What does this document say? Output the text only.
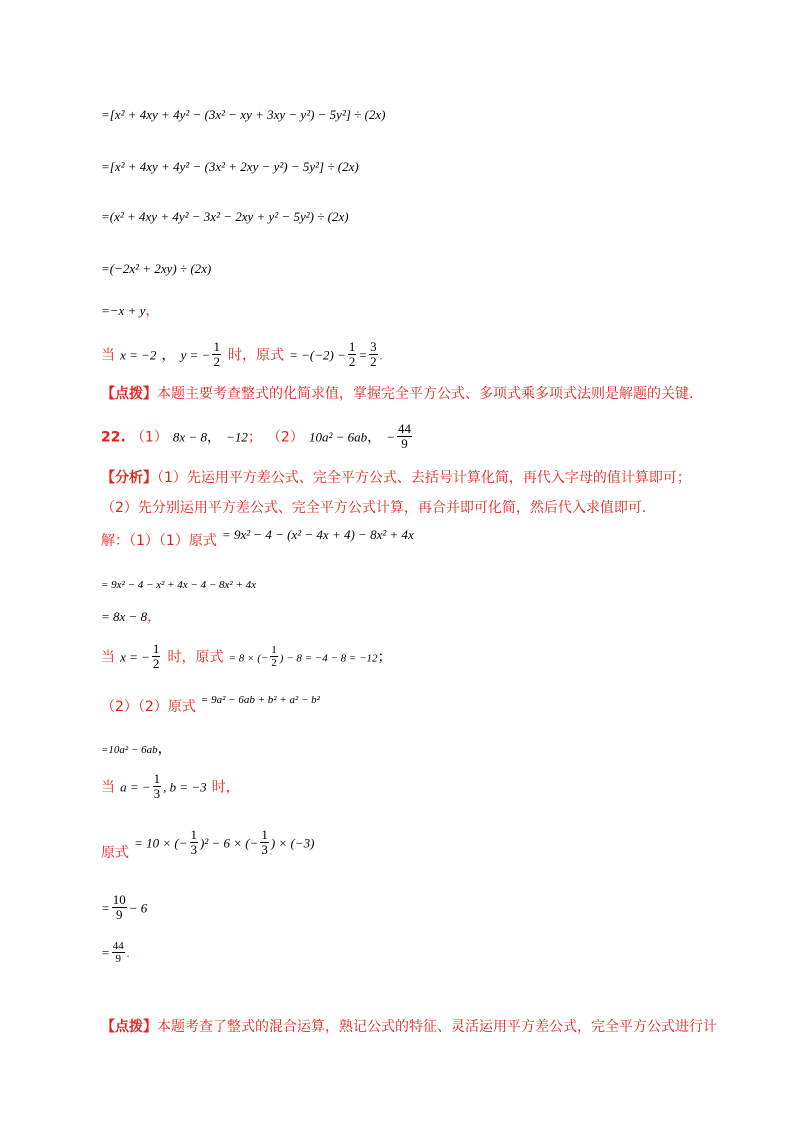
=[x² + 4xy + 4y² − (3x² − xy + 3xy − y²) − 5y²] ÷ (2x)
=[x² + 4xy + 4y² − (3x² + 2xy − y²) − 5y²] ÷ (2x)
=(x² + 4xy + 4y² − 3x² − 2xy + y² − 5y²) ÷ (2x)
=(−2x² + 2xy) ÷ (2x)
=−x + y，
当 x = −2 ， y = − $\frac{1}{2}$ 时，原式 = $-(-2) - \frac{1}{2} = \frac{3}{2}$ .
【点拨】本题主要考查整式的化简求值，掌握完全平方公式、多项式乘多项式法则是解题的关键.
22. （1） 8x − 8， −12； （2） 10a² − 6ab， − $\frac{44}{9}$
【分析】（1）先运用平方差公式、完全平方公式、去括号计算化简，再代入字母的值计算即可；
（2）先分别运用平方差公式、完全平方公式计算，再合并即可化简，然后代入求值即可.
解：（1）（1）原式 $^{= 9x^2 - 4 - (x^2 - 4x + 4) - 8x^2 + 4x}$
= 9x² − 4 − x² + 4x − 4 − 8x² + 4x
= 8x − 8，
当 x = − $\frac{1}{2}$ 时，原式 = 8 × (− $\frac{1}{2}$ ) − 8 = −4 − 8 = −12；
（2）（2）原式 = 9a² − 6ab + b² + a² − b²
=10a² − 6ab，
当 a = − $\frac{1}{3}$ , b = −3 时，
原式 = 10 × (− $\frac{1}{3} )^2 - 6$ × (− $\frac{1}{3}$ ) × (−3)
= $\frac{10}{9} - 6$
= $\frac{44}{9}$ .
【点拨】本题考查了整式的混合运算，熟记公式的特征、灵活运用平方差公式，完全平方公式进行计
